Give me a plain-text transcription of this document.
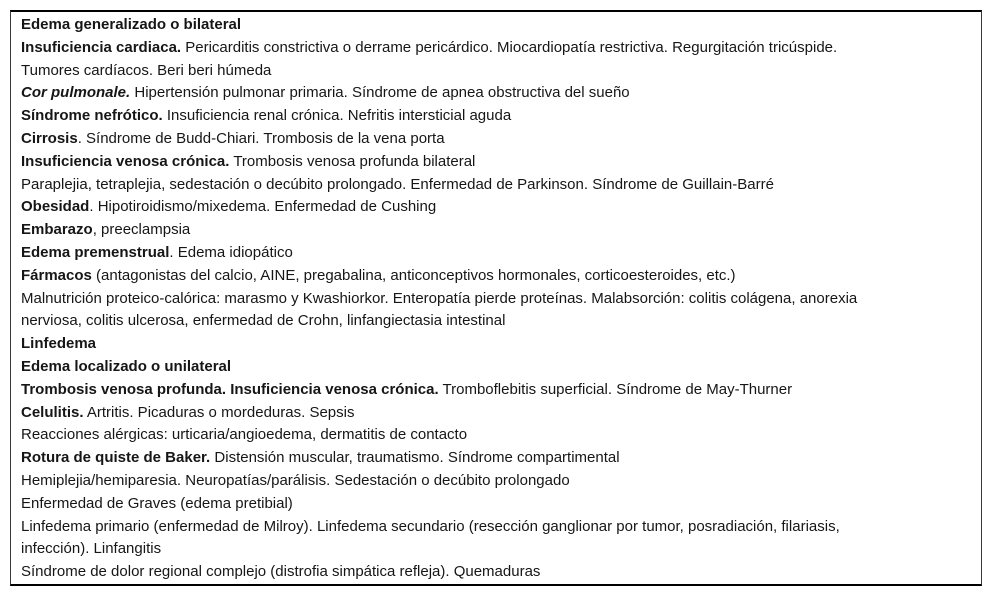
Edema generalizado o bilateral
Insuficiencia cardiaca. Pericarditis constrictiva o derrame pericárdico. Miocardiopatía restrictiva. Regurgitación tricúspide.
Tumores cardíacos. Beri beri húmeda
Cor pulmonale. Hipertensión pulmonar primaria. Síndrome de apnea obstructiva del sueño
Síndrome nefrótico. Insuficiencia renal crónica. Nefritis intersticial aguda
Cirrosis. Síndrome de Budd-Chiari. Trombosis de la vena porta
Insuficiencia venosa crónica. Trombosis venosa profunda bilateral
Paraplejia, tetraplejia, sedestación o decúbito prolongado. Enfermedad de Parkinson. Síndrome de Guillain-Barré
Obesidad. Hipotiroidismo/mixedema. Enfermedad de Cushing
Embarazo, preeclampsia
Edema premenstrual. Edema idiopático
Fármacos (antagonistas del calcio, AINE, pregabalina, anticonceptivos hormonales, corticoesteroides, etc.)
Malnutrición proteico-calórica: marasmo y Kwashiorkor. Enteropatía pierde proteínas. Malabsorción: colitis colágena, anorexia
nerviosa, colitis ulcerosa, enfermedad de Crohn, linfangiectasia intestinal
Linfedema
Edema localizado o unilateral
Trombosis venosa profunda. Insuficiencia venosa crónica. Tromboflebitis superficial. Síndrome de May-Thurner
Celulitis. Artritis. Picaduras o mordeduras. Sepsis
Reacciones alérgicas: urticaria/angioedema, dermatitis de contacto
Rotura de quiste de Baker. Distensión muscular, traumatismo. Síndrome compartimental
Hemiplejia/hemiparesia. Neuropatías/parálisis. Sedestación o decúbito prolongado
Enfermedad de Graves (edema pretibial)
Linfedema primario (enfermedad de Milroy). Linfedema secundario (resección ganglionar por tumor, posradiación, filariasis,
infección). Linfangitis
Síndrome de dolor regional complejo (distrofia simpática refleja). Quemaduras
